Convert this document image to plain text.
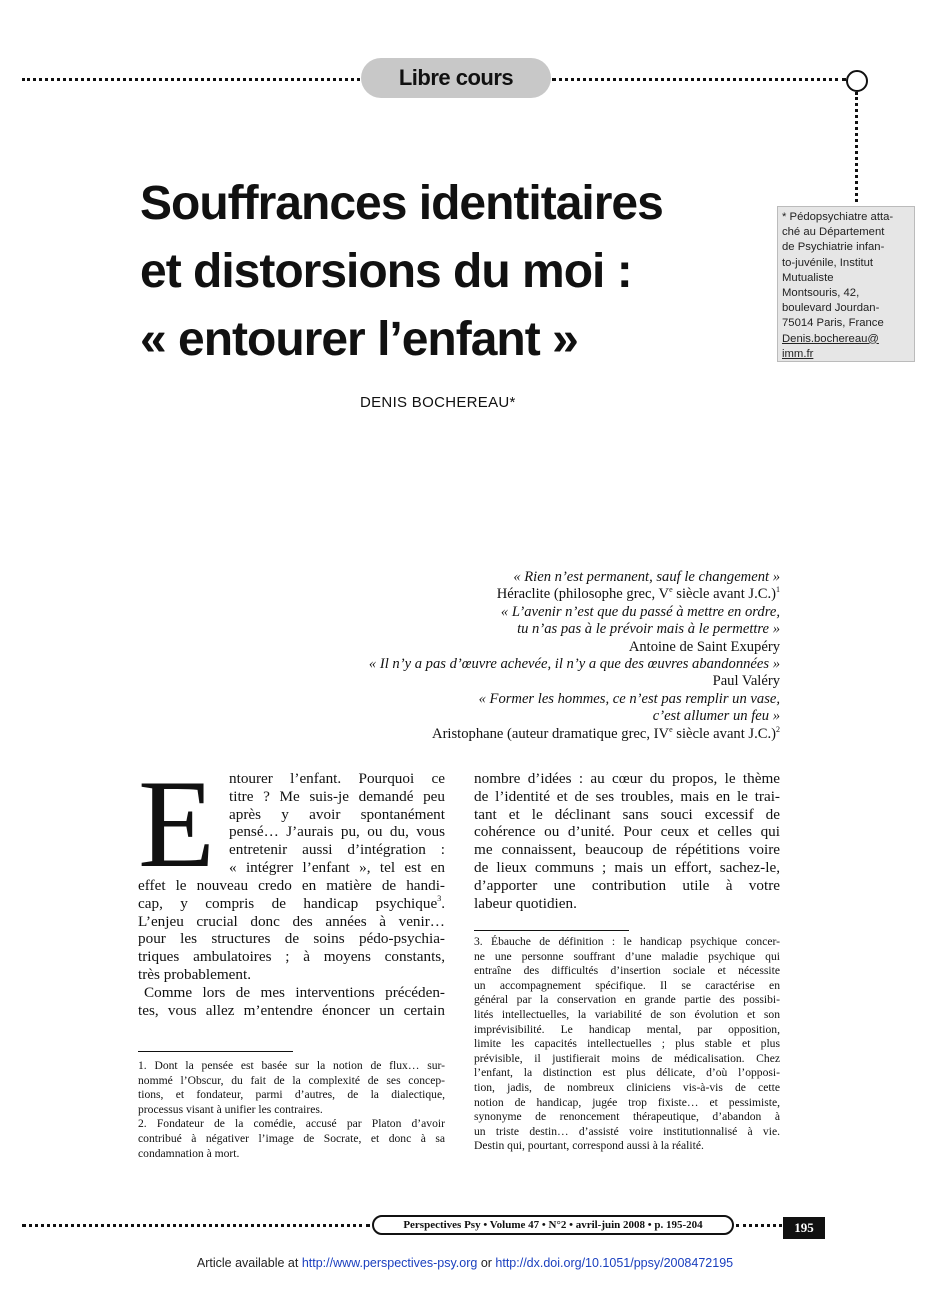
Libre cours
Souffrances identitaires
et distorsions du moi :
« entourer l’enfant »
* Pédopsychiatre atta-
ché au Département
de Psychiatrie infan-
to-juvénile, Institut
Mutualiste
Montsouris, 42,
boulevard Jourdan-
75014 Paris, France
Denis.bochereau@
imm.fr
DENIS BOCHEREAU*
« Rien n’est permanent, sauf le changement »
Héraclite (philosophe grec, Ve siècle avant J.C.)$^1$
« L’avenir n’est que du passé à mettre en ordre,
tu n’as pas à le prévoir mais à le permettre »
Antoine de Saint Exupéry
« Il n’y a pas d’œuvre achevée, il n’y a que des œuvres abandonnées »
Paul Valéry
« Former les hommes, ce n’est pas remplir un vase,
c’est allumer un feu »
Aristophane (auteur dramatique grec, IVe siècle avant J.C.)$^2$
E ntourer l’enfant. Pourquoi ce
titre ? Me suis-je demandé peu
après y avoir spontanément
pensé… J’aurais pu, ou du, vous
entretenir aussi d’intégration :
« intégrer l’enfant », tel est en
effet le nouveau credo en matière de handi-
cap, y compris de handicap psychique$^3$.
L’enjeu crucial donc des années à venir…
pour les structures de soins pédo-psychia-
triques ambulatoires ; à moyens constants,
très probablement.
Comme lors de mes interventions précéden-
tes, vous allez m’entendre énoncer un certain
nombre d’idées : au cœur du propos, le thème
de l’identité et de ses troubles, mais en le trai-
tant et le déclinant sans souci excessif de
cohérence ou d’unité. Pour ceux et celles qui
me connaissent, beaucoup de répétitions voire
de lieux communs ; mais un effort, sachez-le,
d’apporter une contribution utile à votre
labeur quotidien.
1. Dont la pensée est basée sur la notion de flux… sur-
nommé l’Obscur, du fait de la complexité de ses concep-
tions, et fondateur, parmi d’autres, de la dialectique,
processus visant à unifier les contraires.
2. Fondateur de la comédie, accusé par Platon d’avoir
contribué à négativer l’image de Socrate, et donc à sa
condamnation à mort.
3. Ébauche de définition : le handicap psychique concer-
ne une personne souffrant d’une maladie psychique qui
entraîne des difficultés d’insertion sociale et nécessite
un accompagnement spécifique. Il se caractérise en
général par la conservation en grande partie des possibi-
lités intellectuelles, la variabilité de son évolution et son
imprévisibilité. Le handicap mental, par opposition,
limite les capacités intellectuelles ; plus stable et plus
prévisible, il justifierait moins de médicalisation. Chez
l’enfant, la distinction est plus délicate, d’où l’opposi-
tion, jadis, de nombreux cliniciens vis-à-vis de cette
notion de handicap, jugée trop fixiste… et pessimiste,
synonyme de renoncement thérapeutique, d’abandon à
un triste destin… d’assisté voire institutionnalisé à vie.
Destin qui, pourtant, correspond aussi à la réalité.
Perspectives Psy • Volume 47 • N°2 • avril-juin 2008 • p. 195-204	195
Article available at http://www.perspectives-psy.org or http://dx.doi.org/10.1051/ppsy/2008472195
